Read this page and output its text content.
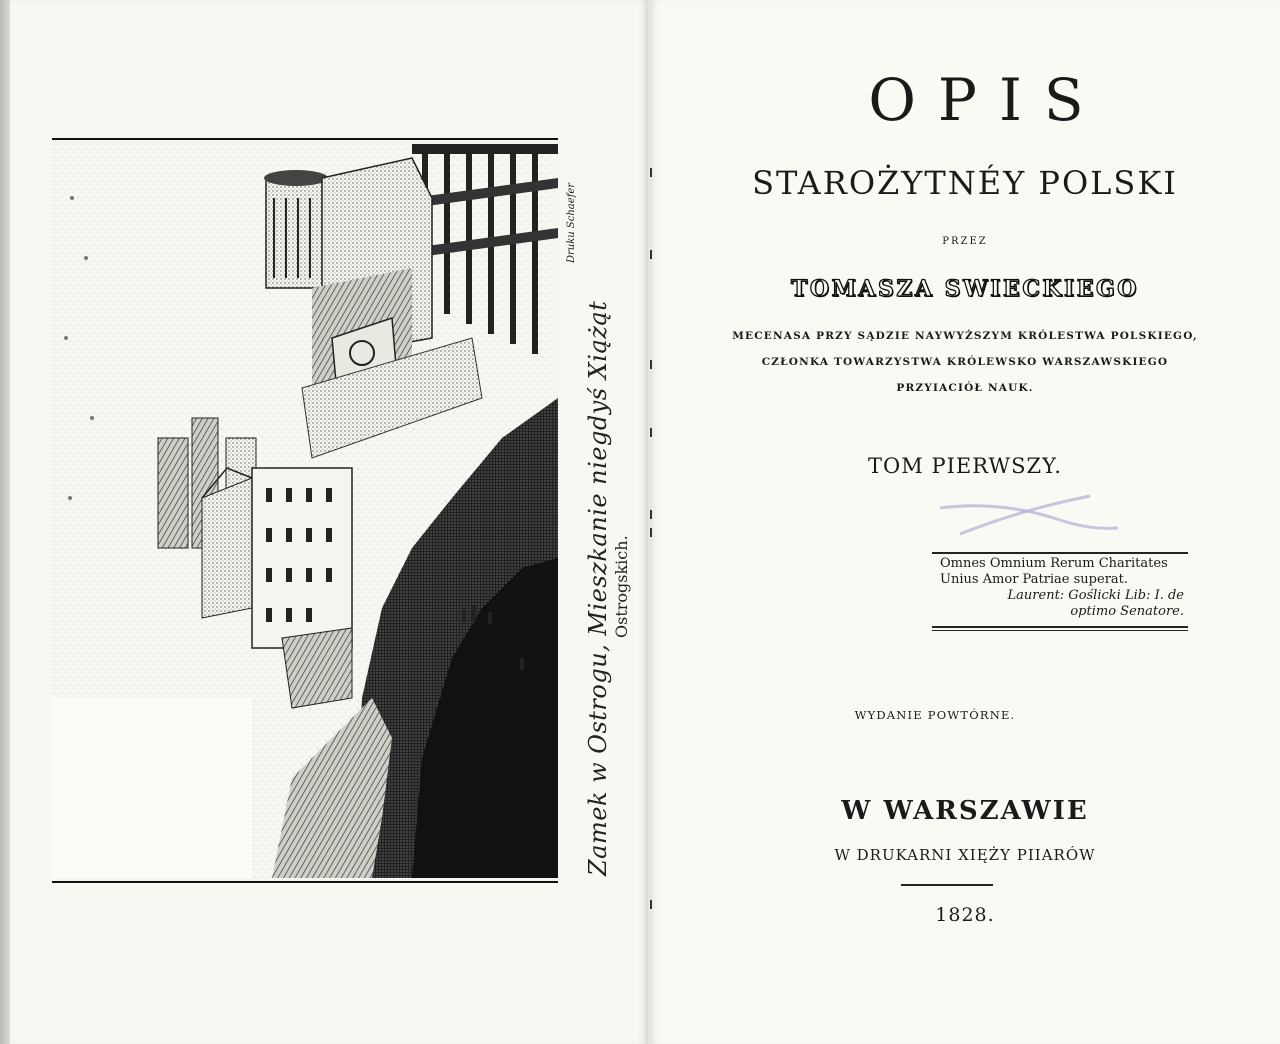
Druku Schaefer
Zamek w Ostrogu, Mieszkanie niegdyś Xiążąt Ostrogskich.
OPIS
STAROŻYTNÉY POLSKI
PRZEZ
TOMASZA SWIECKIEGO
MECENASA PRZY SĄDZIE NAYWYŻSZYM KRÓLESTWA POLSKIEGO,
CZŁONKA TOWARZYSTWA KRÓLEWSKO WARSZAWSKIEGO
PRZYIACIÓŁ NAUK.
TOM PIERWSZY.
WYDANIE POWTÓRNE.
W WARSZAWIE
W DRUKARNI XIĘŻY PIIARÓW
1828.
Omnes Omnium Rerum Charitates
Unius Amor Patriae superat.
Laurent: Goślicki Lib: I. de
optimo Senatore.
